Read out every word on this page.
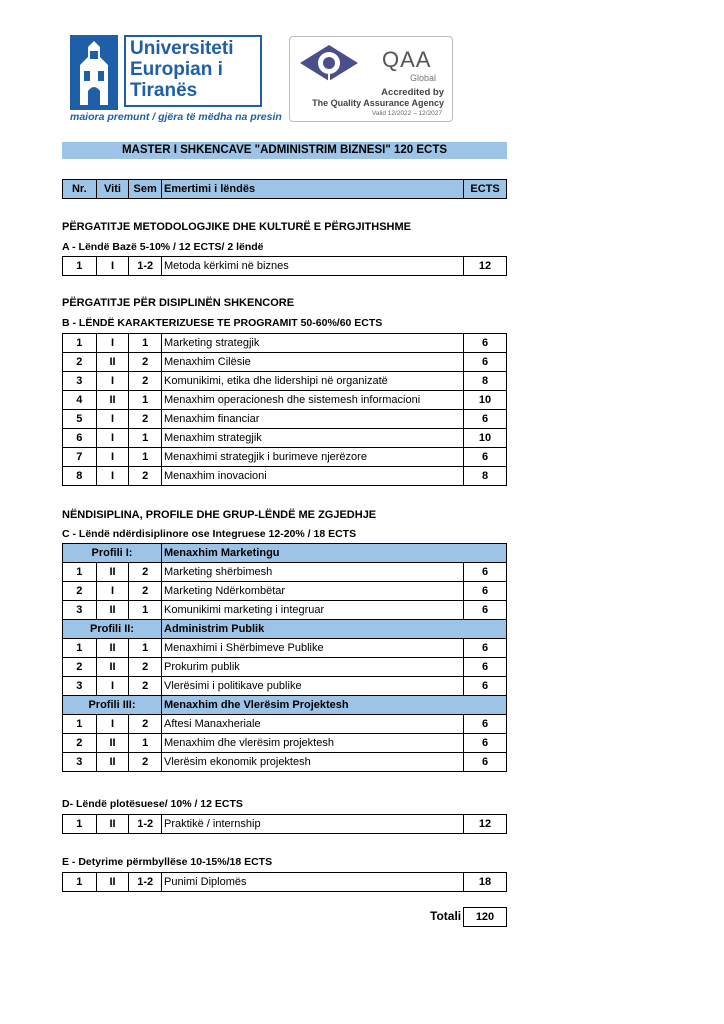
Universiteti
Europian i
Tiranës
maiora premunt / gjëra të mëdha na presin
QAA
Global
Accredited by
The Quality Assurance Agency
Valid 12/2022 – 12/2027
MASTER I SHKENCAVE "ADMINISTRIM BIZNESI" 120 ECTS
Nr.	Viti	Sem	Emertimi i lëndës	ECTS
PËRGATITJE METODOLOGJIKE DHE KULTURË E PËRGJITHSHME
A - Lëndë Bazë 5-10% / 12 ECTS/ 2 lëndë
1	I	1-2	Metoda kërkimi në biznes	12
PËRGATITJE PËR DISIPLINËN SHKENCORE
B - LËNDË KARAKTERIZUESE TE PROGRAMIT 50-60%/60 ECTS
1	I	1	Marketing strategjik	6
2	II	2	Menaxhim Cilësie	6
3	I	2	Komunikimi, etika dhe lidershipi në organizatë	8
4	II	1	Menaxhim operacionesh dhe sistemesh informacioni	10
5	I	2	Menaxhim financiar	6
6	I	1	Menaxhim strategjik	10
7	I	1	Menaxhimi strategjik i burimeve njerëzore	6
8	I	2	Menaxhim inovacioni	8
NËNDISIPLINA, PROFILE DHE GRUP-LËNDË ME ZGJEDHJE
C - Lëndë ndërdisiplinore ose Integruese 12-20% / 18 ECTS
Profili I:			Menaxhim Marketingu	
1	II	2	Marketing shërbimesh	6
2	I	2	Marketing Ndërkombëtar	6
3	II	1	Komunikimi marketing i integruar	6
Profili II:			Administrim Publik	
1	II	1	Menaxhimi i Shërbimeve Publike	6
2	II	2	Prokurim publik	6
3	I	2	Vlerësimi i politikave publike	6
Profili III:			Menaxhim dhe Vlerësim Projektesh	
1	I	2	Aftesi Manaxheriale	6
2	II	1	Menaxhim dhe vlerësim projektesh	6
3	II	2	Vlerësim ekonomik projektesh	6
D- Lëndë plotësuese/ 10% / 12 ECTS
1	II	1-2	Praktikë / internship	12
E - Detyrime përmbyllëse 10-15%/18 ECTS
1	II	1-2	Punimi Diplomës	18
Totali	120
